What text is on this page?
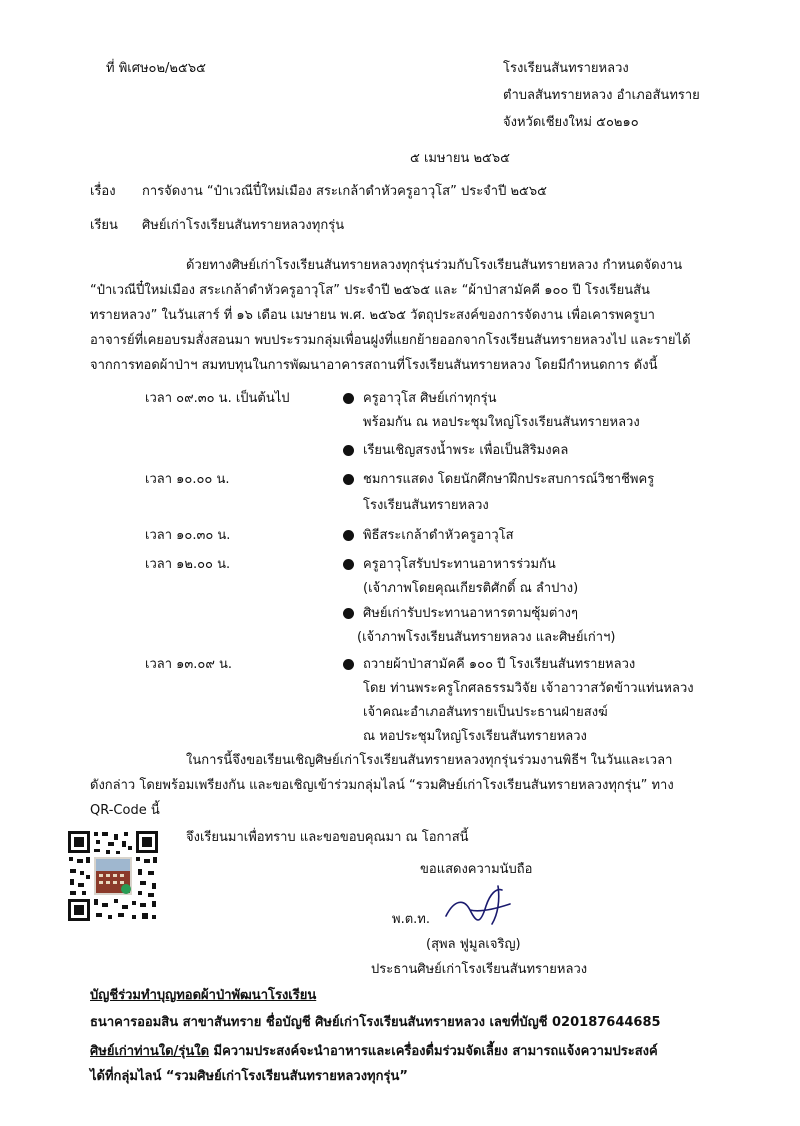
ที่ พิเศษ๐๒/๒๕๖๕	โรงเรียนสันทรายหลวง
ตำบลสันทรายหลวง อำเภอสันทราย
จังหวัดเชียงใหม่ ๕๐๒๑๐
๕ เมษายน ๒๕๖๕
เรื่อง การจัดงาน “ป๋าเวณีปี๋ใหม่เมือง สระเกล้าดำหัวครูอาวุโส” ประจำปี ๒๕๖๕
เรียน ศิษย์เก่าโรงเรียนสันทรายหลวงทุกรุ่น
ด้วยทางศิษย์เก่าโรงเรียนสันทรายหลวงทุกรุ่นร่วมกับโรงเรียนสันทรายหลวง กำหนดจัดงาน
“ป๋าเวณีปี๋ใหม่เมือง สระเกล้าดำหัวครูอาวุโส” ประจำปี ๒๕๖๕ และ “ผ้าป่าสามัคคี ๑๐๐ ปี โรงเรียนสัน
ทรายหลวง” ในวันเสาร์ ที่ ๑๖ เดือน เมษายน พ.ศ. ๒๕๖๕ วัตถุประสงค์ของการจัดงาน เพื่อเคารพครูบา
อาจารย์ที่เคยอบรมสั่งสอนมา พบประรวมกลุ่มเพื่อนฝูงที่แยกย้ายออกจากโรงเรียนสันทรายหลวงไป และรายได้
จากการทอดผ้าป่าฯ สมทบทุนในการพัฒนาอาคารสถานที่โรงเรียนสันทรายหลวง โดยมีกำหนดการ ดังนี้
เวลา ๐๙.๓๐ น. เป็นต้นไป	ครูอาวุโส ศิษย์เก่าทุกรุ่น
พร้อมกัน ณ หอประชุมใหญ่โรงเรียนสันทรายหลวง
เรียนเชิญสรงน้ำพระ เพื่อเป็นสิริมงคล
เวลา ๑๐.๐๐ น.	ชมการแสดง โดยนักศึกษาฝึกประสบการณ์วิชาชีพครู
โรงเรียนสันทรายหลวง
เวลา ๑๐.๓๐ น.	พิธีสระเกล้าดำหัวครูอาวุโส
เวลา ๑๒.๐๐ น.	ครูอาวุโสรับประทานอาหารร่วมกัน
(เจ้าภาพโดยคุณเกียรติศักดิ์ ณ ลำปาง)
ศิษย์เก่ารับประทานอาหารตามซุ้มต่างๆ
(เจ้าภาพโรงเรียนสันทรายหลวง และศิษย์เก่าฯ)
เวลา ๑๓.๐๙ น.	ถวายผ้าป่าสามัคคี ๑๐๐ ปี โรงเรียนสันทรายหลวง
โดย ท่านพระครูโกศลธรรมวิจัย เจ้าอาวาสวัดข้าวแท่นหลวง
เจ้าคณะอำเภอสันทรายเป็นประธานฝ่ายสงฆ์
ณ หอประชุมใหญ่โรงเรียนสันทรายหลวง
ในการนี้จึงขอเรียนเชิญศิษย์เก่าโรงเรียนสันทรายหลวงทุกรุ่นร่วมงานพิธีฯ ในวันและเวลา
ดังกล่าว โดยพร้อมเพรียงกัน และขอเชิญเข้าร่วมกลุ่มไลน์ “รวมศิษย์เก่าโรงเรียนสันทรายหลวงทุกรุ่น” ทาง
QR-Code นี้
จึงเรียนมาเพื่อทราบ และขอขอบคุณมา ณ โอกาสนี้
ขอแสดงความนับถือ
พ.ต.ท.
(สุพล ฟูมูลเจริญ)
ประธานศิษย์เก่าโรงเรียนสันทรายหลวง
บัญชีร่วมทำบุญทอดผ้าป่าพัฒนาโรงเรียน
ธนาคารออมสิน สาขาสันทราย ชื่อบัญชี ศิษย์เก่าโรงเรียนสันทรายหลวง เลขที่บัญชี 020187644685
ศิษย์เก่าท่านใด/รุ่นใด มีความประสงค์จะนำอาหารและเครื่องดื่มร่วมจัดเลี้ยง สามารถแจ้งความประสงค์
ได้ที่กลุ่มไลน์ “รวมศิษย์เก่าโรงเรียนสันทรายหลวงทุกรุ่น”
